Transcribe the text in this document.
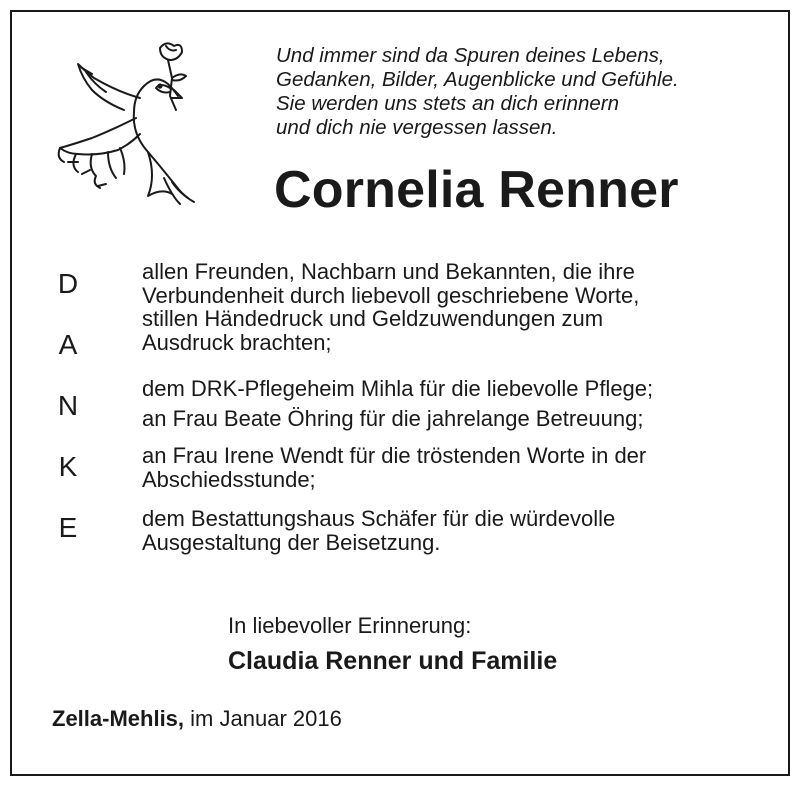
Und immer sind da Spuren deines Lebens,
Gedanken, Bilder, Augenblicke und Gefühle.
Sie werden uns stets an dich erinnern
und dich nie vergessen lassen.
Cornelia Renner
D
A
N
K
E
allen Freunden, Nachbarn und Bekannten, die ihre
Verbundenheit durch liebevoll geschriebene Worte,
stillen Händedruck und Geldzuwendungen zum
Ausdruck brachten;
dem DRK-Pflegeheim Mihla für die liebevolle Pflege;
an Frau Beate Öhring für die jahrelange Betreuung;
an Frau Irene Wendt für die tröstenden Worte in der
Abschiedsstunde;
dem Bestattungshaus Schäfer für die würdevolle
Ausgestaltung der Beisetzung.
In liebevoller Erinnerung:
Claudia Renner und Familie
Zella-Mehlis, im Januar 2016
